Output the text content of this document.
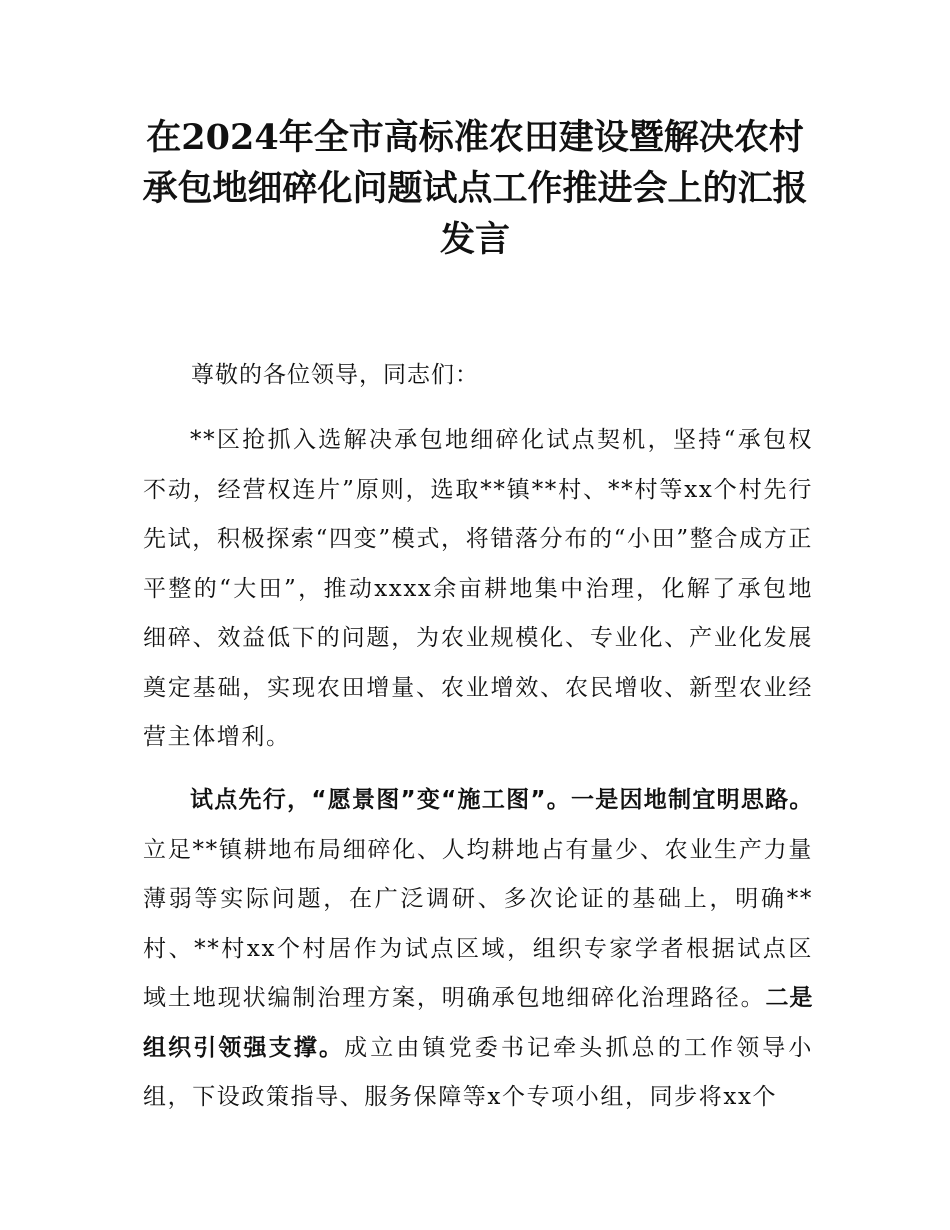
在2024年全市高标准农田建设暨解决农村承包地细碎化问题试点工作推进会上的汇报发言

尊敬的各位领导，同志们：

**区抢抓入选解决承包地细碎化试点契机，坚持“承包权不动，经营权连片”原则，选取**镇**村、**村等xx个村先行先试，积极探索“四变”模式，将错落分布的“小田”整合成方正平整的“大田”，推动xxxx余亩耕地集中治理，化解了承包地细碎、效益低下的问题，为农业规模化、专业化、产业化发展奠定基础，实现农田增量、农业增效、农民增收、新型农业经营主体增利。

试点先行，“愿景图”变“施工图”。一是因地制宜明思路。立足**镇耕地布局细碎化、人均耕地占有量少、农业生产力量薄弱等实际问题，在广泛调研、多次论证的基础上，明确**村、**村xx个村居作为试点区域，组织专家学者根据试点区域土地现状编制治理方案，明确承包地细碎化治理路径。二是组织引领强支撑。成立由镇党委书记牵头抓总的工作领导小组，下设政策指导、服务保障等x个专项小组，同步将xx个
